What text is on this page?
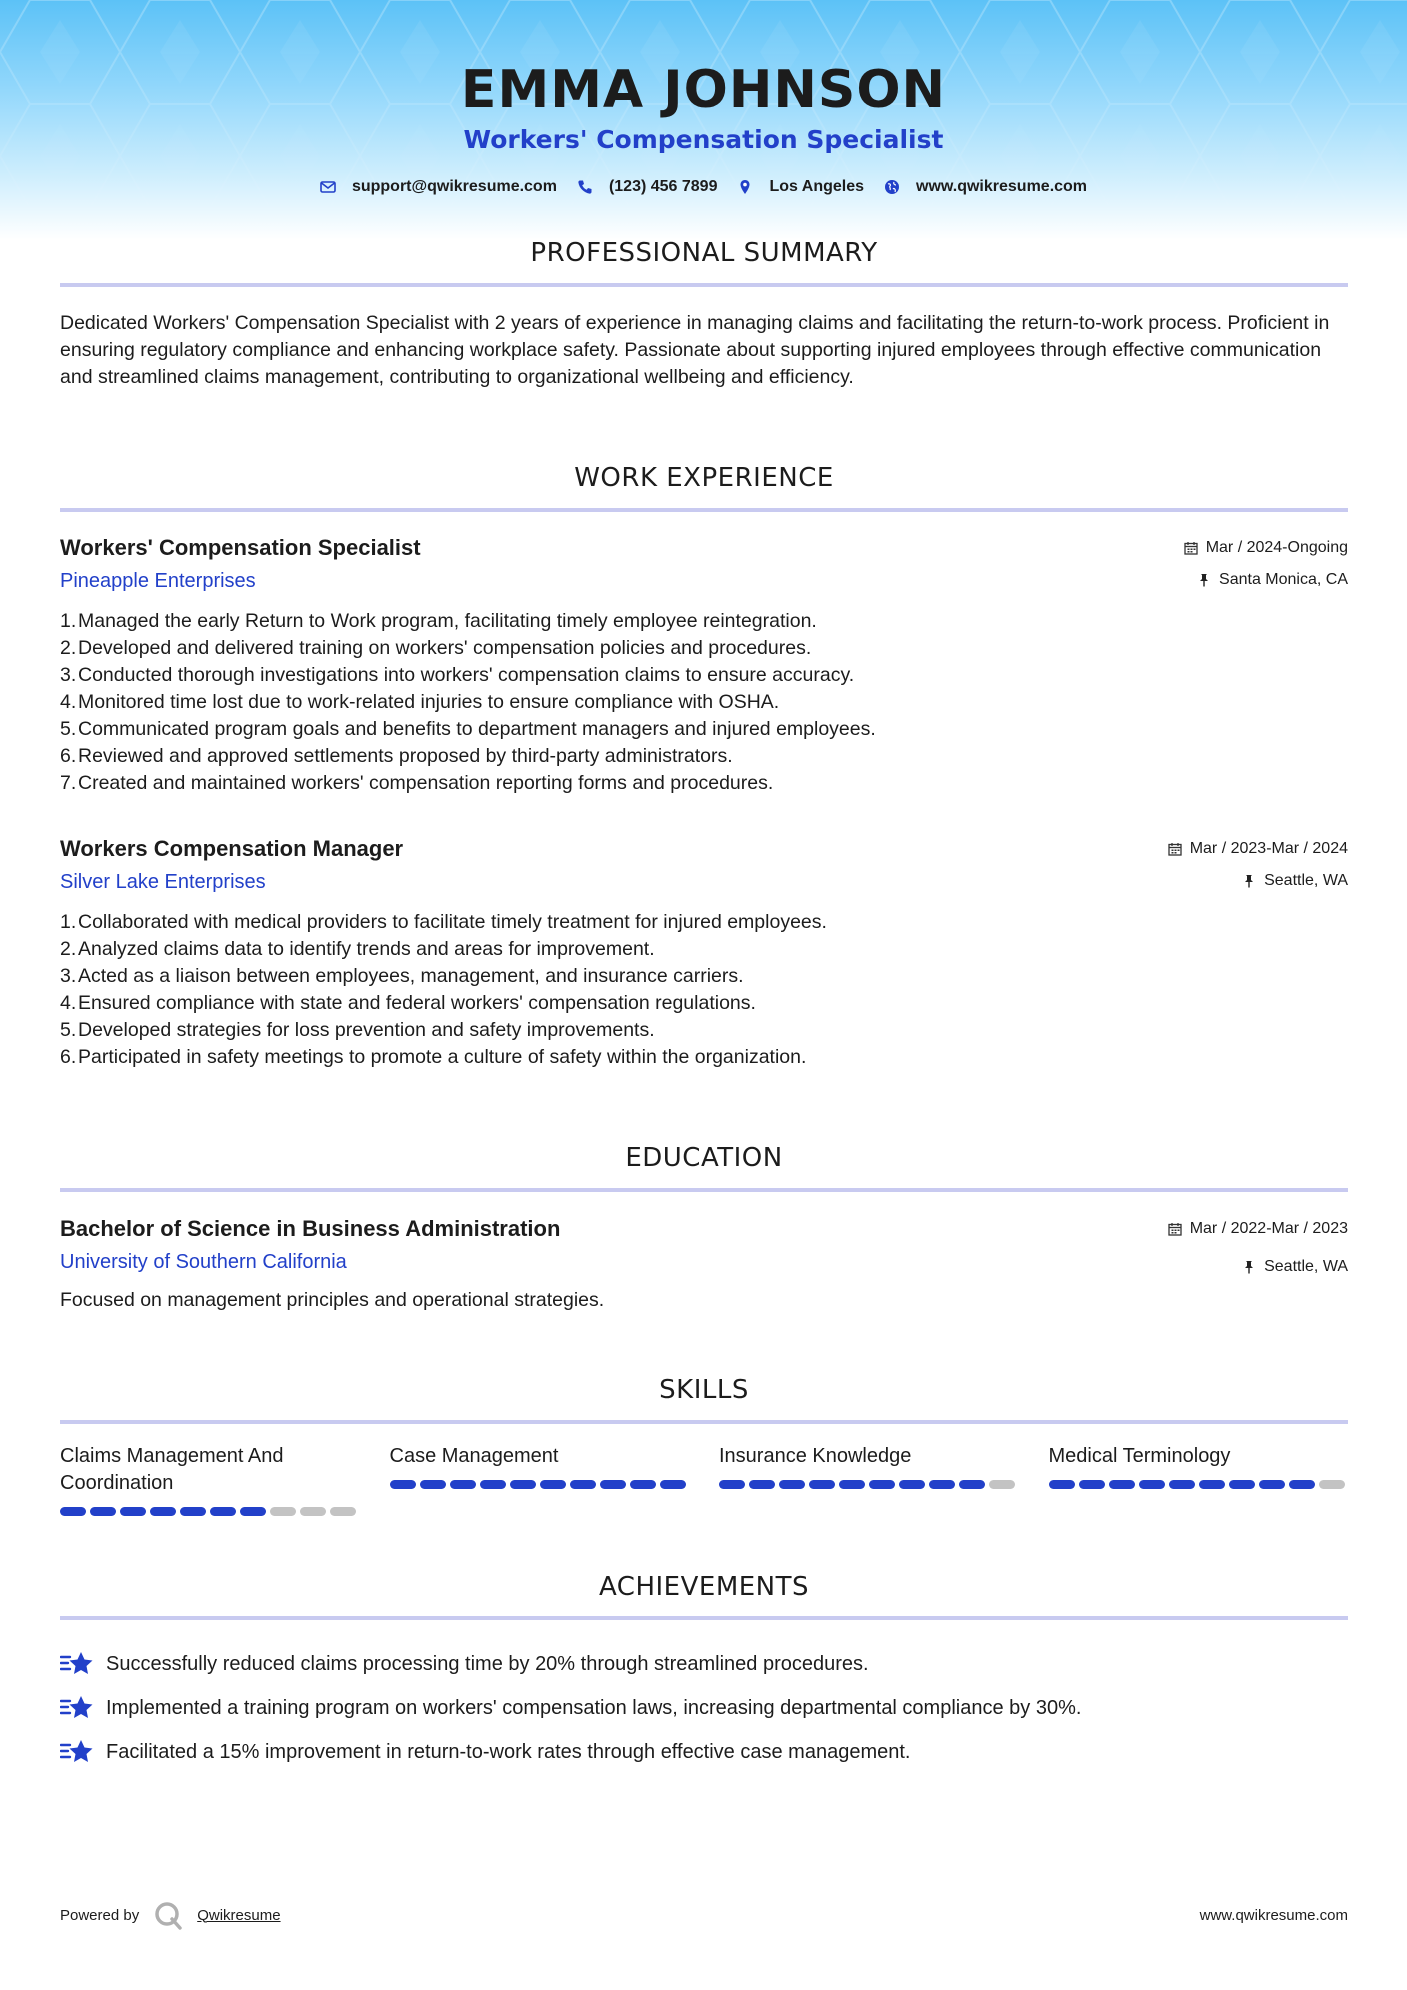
EMMA JOHNSON
Workers' Compensation Specialist
support@qwikresume.com	(123) 456 7899	Los Angeles	www.qwikresume.com
PROFESSIONAL SUMMARY
Dedicated Workers' Compensation Specialist with 2 years of experience in managing claims and facilitating the return-to-work process. Proficient in ensuring regulatory compliance and enhancing workplace safety. Passionate about supporting injured employees through effective communication and streamlined claims management, contributing to organizational wellbeing and efficiency.
WORK EXPERIENCE
Workers' Compensation Specialist
Pineapple Enterprises
Mar / 2024-Ongoing
Santa Monica, CA
1. Managed the early Return to Work program, facilitating timely employee reintegration.
2. Developed and delivered training on workers' compensation policies and procedures.
3. Conducted thorough investigations into workers' compensation claims to ensure accuracy.
4. Monitored time lost due to work-related injuries to ensure compliance with OSHA.
5. Communicated program goals and benefits to department managers and injured employees.
6. Reviewed and approved settlements proposed by third-party administrators.
7. Created and maintained workers' compensation reporting forms and procedures.
Workers Compensation Manager
Silver Lake Enterprises
Mar / 2023-Mar / 2024
Seattle, WA
1. Collaborated with medical providers to facilitate timely treatment for injured employees.
2. Analyzed claims data to identify trends and areas for improvement.
3. Acted as a liaison between employees, management, and insurance carriers.
4. Ensured compliance with state and federal workers' compensation regulations.
5. Developed strategies for loss prevention and safety improvements.
6. Participated in safety meetings to promote a culture of safety within the organization.
EDUCATION
Bachelor of Science in Business Administration
University of Southern California
Mar / 2022-Mar / 2023
Seattle, WA
Focused on management principles and operational strategies.
SKILLS
Claims Management And Coordination
Case Management	Insurance Knowledge	Medical Terminology
ACHIEVEMENTS
Successfully reduced claims processing time by 20% through streamlined procedures.
Implemented a training program on workers' compensation laws, increasing departmental compliance by 30%.
Facilitated a 15% improvement in return-to-work rates through effective case management.
Powered by	Qwikresume	www.qwikresume.com
